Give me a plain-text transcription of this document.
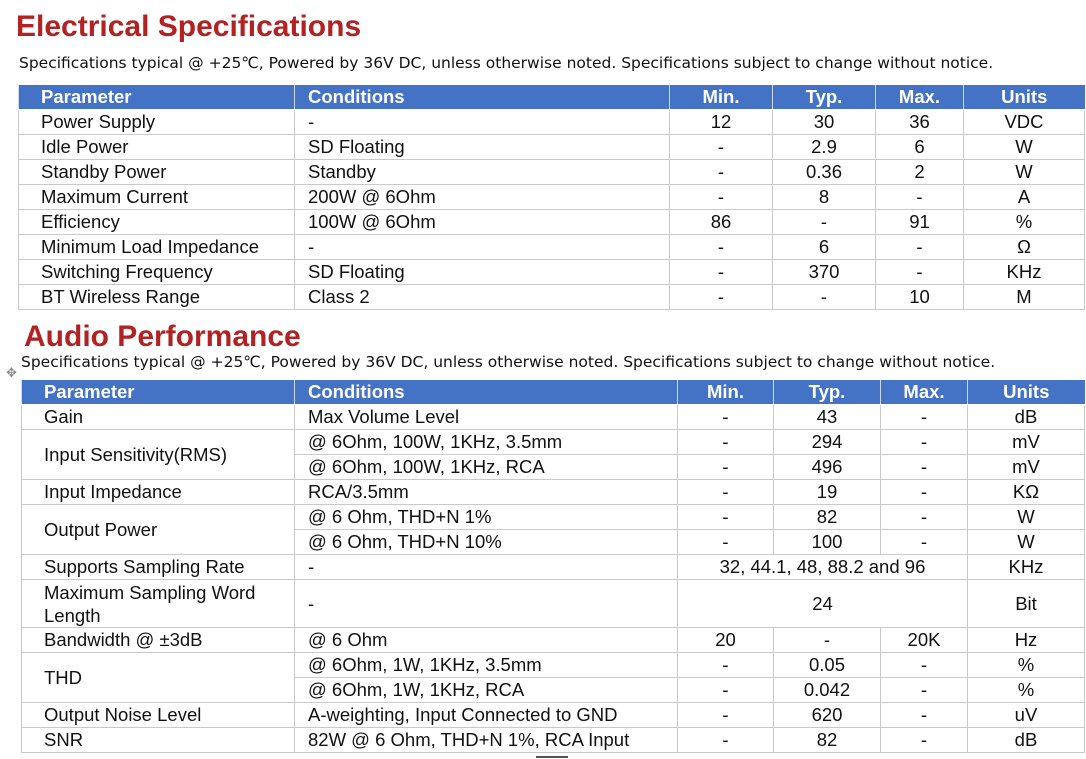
Electrical Specifications
Specifications typical @ +25℃, Powered by 36V DC, unless otherwise noted. Specifications subject to change without notice.
Parameter	Conditions	Min.	Typ.	Max.	Units
Power Supply	-	12	30	36	VDC
Idle Power	SD Floating	-	2.9	6	W
Standby Power	Standby	-	0.36	2	W
Maximum Current	200W @ 6Ohm	-	8	-	A
Efficiency	100W @ 6Ohm	86	-	91	%
Minimum Load Impedance	-	-	6	-	Ω
Switching Frequency	SD Floating	-	370	-	KHz
BT Wireless Range	Class 2	-	-	10	M
Audio Performance
Specifications typical @ +25℃, Powered by 36V DC, unless otherwise noted. Specifications subject to change without notice.
✥
Parameter	Conditions	Min.	Typ.	Max.	Units
Gain	Max Volume Level	-	43	-	dB
Input Sensitivity(RMS)	@ 6Ohm, 100W, 1KHz, 3.5mm	-	294	-	mV
	@ 6Ohm, 100W, 1KHz, RCA	-	496	-	mV
Input Impedance	RCA/3.5mm	-	19	-	KΩ
Output Power	@ 6 Ohm, THD+N 1%	-	82	-	W
	@ 6 Ohm, THD+N 10%	-	100	-	W
Supports Sampling Rate	-	32, 44.1, 48, 88.2 and 96			KHz
Maximum Sampling Word Length	-	24			Bit
Bandwidth @ ±3dB	@ 6 Ohm	20	-	20K	Hz
THD	@ 6Ohm, 1W, 1KHz, 3.5mm	-	0.05	-	%
	@ 6Ohm, 1W, 1KHz, RCA	-	0.042	-	%
Output Noise Level	A-weighting, Input Connected to GND	-	620	-	uV
SNR	82W @ 6 Ohm, THD+N 1%, RCA Input	-	82	-	dB
